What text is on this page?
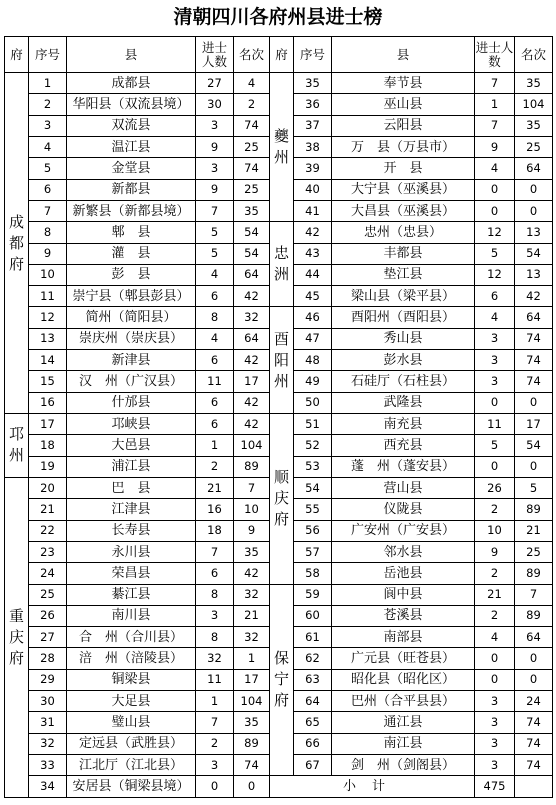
清朝四川各府州县进士榜
府	序号	县	进士人数	名次	府	序号	县	进士人数	名次
成都府	1	成都县	27	4	夔州	35	奉节县	7	35
	2	华阳县（双流县境）	30	2		36	巫山县	1	104
	3	双流县	3	74		37	云阳县	7	35
	4	温江县	9	25		38	万　县（万县市）	9	25
	5	金堂县	3	74		39	开　县	4	64
	6	新都县	9	25		40	大宁县（巫溪县）	0	0
	7	新繁县（新都县境）	7	35		41	大昌县（巫溪县）	0	0
	8	郫　县	5	54	忠洲	42	忠州（忠县）	12	13
	9	灌　县	5	54		43	丰都县	5	54
	10	彭　县	4	64		44	垫江县	12	13
	11	崇宁县（郫县彭县）	6	42		45	梁山县（梁平县）	6	42
	12	简州（简阳县）	8	32	酉阳州	46	酉阳州（酉阳县）	4	64
	13	崇庆州（崇庆县）	4	64		47	秀山县	3	74
	14	新津县	6	42		48	彭水县	3	74
	15	汉　州（广汉县）	11	17		49	石硅厅（石柱县）	3	74
	16	什邡县	6	42		50	武隆县	0	0
邛州	17	邛峡县	6	42	顺庆府	51	南充县	11	17
	18	大邑县	1	104		52	西充县	5	54
	19	浦江县	2	89		53	蓬　州（蓬安县）	0	0
重庆府	20	巴　县	21	7		54	营山县	26	5
	21	江津县	16	10		55	仪陇县	2	89
	22	长寿县	18	9		56	广安州（广安县）	10	21
	23	永川县	7	35		57	邻水县	9	25
	24	荣昌县	6	42		58	岳池县	2	89
	25	綦江县	8	32	保宁府	59	阆中县	21	7
	26	南川县	3	21		60	苍溪县	2	89
	27	合　州（合川县）	8	32		61	南部县	4	64
	28	涪　州（涪陵县）	32	1		62	广元县（旺苍县）	0	0
	29	铜梁县	11	17		63	昭化县（昭化区）	0	0
	30	大足县	1	104		64	巴州（合平县县）	3	24
	31	璧山县	7	35		65	通江县	3	74
	32	定远县（武胜县）	2	89		66	南江县	3	74
	33	江北厅（江北县）	3	74		67	剑　州（剑阁县）	3	74
	34	安居县（铜梁县境）	0	0	小计			475	
